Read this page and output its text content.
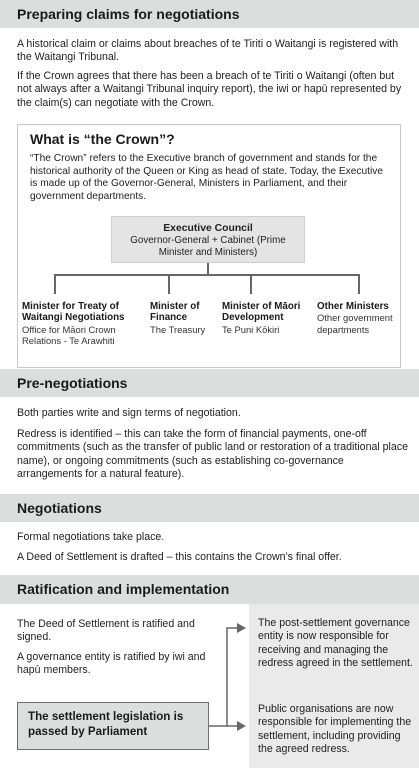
Preparing claims for negotiations

A historical claim or claims about breaches of te Tiriti o Waitangi is registered with the Waitangi Tribunal.

If the Crown agrees that there has been a breach of te Tiriti o Waitangi (often but not always after a Waitangi Tribunal inquiry report), the iwi or hapū represented by the claim(s) can negotiate with the Crown.

What is “the Crown”?
“The Crown” refers to the Executive branch of government and stands for the historical authority of the Queen or King as head of state. Today, the Executive is made up of the Governor-General, Ministers in Parliament, and their government departments.
Executive Council
Governor-General + Cabinet (Prime Minister and Ministers)
Minister for Treaty of Waitangi Negotiations
Office for Māori Crown Relations - Te Arawhiti
Minister of Finance
The Treasury
Minister of Māori Development
Te Puni Kōkiri
Other Ministers
Other government departments
Pre-negotiations

Both parties write and sign terms of negotiation.

Redress is identified – this can take the form of financial payments, one-off commitments (such as the transfer of public land or restoration of a traditional place name), or ongoing commitments (such as establishing co-governance arrangements for a natural feature).

Negotiations

Formal negotiations take place.

A Deed of Settlement is drafted – this contains the Crown’s final offer.

Ratification and implementation

The Deed of Settlement is ratified and signed.

A governance entity is ratified by iwi and hapū members.

The settlement legislation is passed by Parliament
The post-settlement governance entity is now responsible for receiving and managing the redress agreed in the settlement.
Public organisations are now responsible for implementing the settlement, including providing the agreed redress.
